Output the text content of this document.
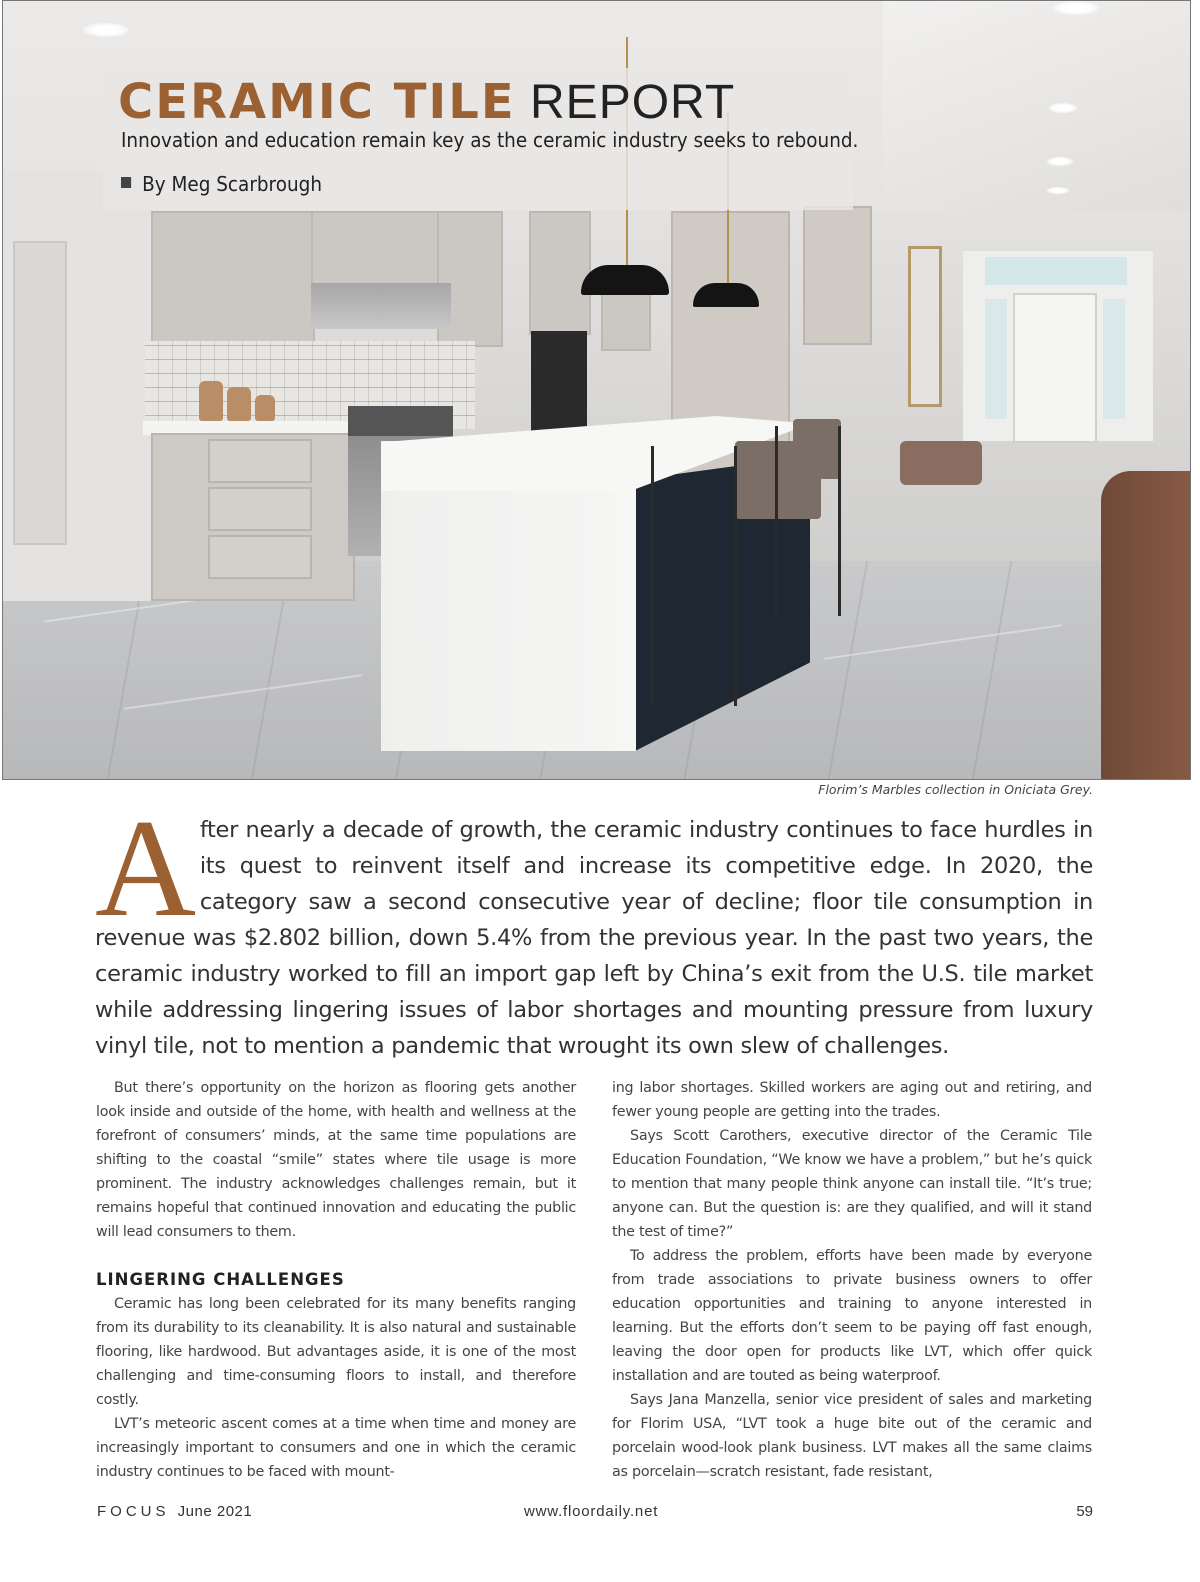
CERAMIC TILE REPORT

Innovation and education remain key as the ceramic industry seeks to rebound.

By Meg Scarbrough
Florim’s Marbles collection in Oniciata Grey.

After nearly a decade of growth, the ceramic industry continues to face hurdles in its quest to reinvent itself and increase its competitive edge. In 2020, the category saw a second consecutive year of decline; floor tile consumption in revenue was $2.802 billion, down 5.4% from the previous year. In the past two years, the ceramic industry worked to fill an import gap left by China’s exit from the U.S. tile market while addressing lingering issues of labor shortages and mounting pressure from luxury vinyl tile, not to mention a pandemic that wrought its own slew of challenges.

But there’s opportunity on the horizon as flooring gets another look inside and outside of the home, with health and wellness at the forefront of consumers’ minds, at the same time populations are shifting to the coastal “smile” states where tile usage is more prominent. The industry acknowledges challenges remain, but it remains hopeful that continued innovation and educating the public will lead consumers to them.

LINGERING CHALLENGES

Ceramic has long been celebrated for its many benefits ranging from its durability to its cleanability. It is also natural and sustainable flooring, like hardwood. But advantages aside, it is one of the most challenging and time-consuming floors to install, and therefore costly.

LVT’s meteoric ascent comes at a time when time and money are increasingly important to consumers and one in which the ceramic industry continues to be faced with mount-

ing labor shortages. Skilled workers are aging out and retiring, and fewer young people are getting into the trades.

Says Scott Carothers, executive director of the Ceramic Tile Education Foundation, “We know we have a problem,” but he’s quick to mention that many people think anyone can install tile. “It’s true; anyone can. But the question is: are they qualified, and will it stand the test of time?”

To address the problem, efforts have been made by everyone from trade associations to private business owners to offer education opportunities and training to anyone interested in learning. But the efforts don’t seem to be paying off fast enough, leaving the door open for products like LVT, which offer quick installation and are touted as being waterproof.

Says Jana Manzella, senior vice president of sales and marketing for Florim USA, “LVT took a huge bite out of the ceramic and porcelain wood-look plank business. LVT makes all the same claims as porcelain—scratch resistant, fade resistant,

FOCUS June 2021	www.floordaily.net	59
